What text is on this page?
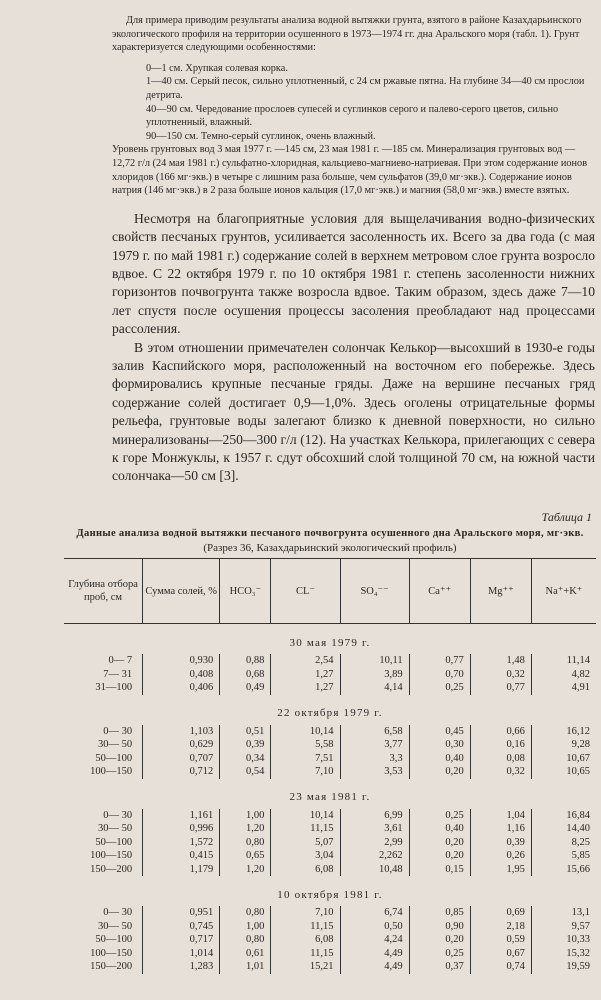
Для примера приводим результаты анализа водной вытяжки грунта, взятого в районе Казахдарьинского экологического профиля на территории осушенного в 1973—1974 гг. дна Аральского моря (табл. 1). Грунт характеризуется следующими особенностями:

0—1 см. Хрупкая солевая корка.

1—40 см. Серый песок, сильно уплотненный, с 24 см ржавые пятна. На глубине 34—40 см прослои детрита.

40—90 см. Чередование прослоев супесей и суглинков серого и палево-серого цветов, сильно уплотненный, влажный.

90—150 см. Темно-серый суглинок, очень влажный.

Уровень грунтовых вод 3 мая 1977 г. —145 см, 23 мая 1981 г. —185 см. Минерализация грунтовых вод — 12,72 г/л (24 мая 1981 г.) сульфатно-хлоридная, кальциево-магниево-натриевая. При этом содержание ионов хлоридов (166 мг·экв.) в четыре с лишним раза больше, чем сульфатов (39,0 мг·экв.). Содержание ионов натрия (146 мг·экв.) в 2 раза больше ионов кальция (17,0 мг·экв.) и магния (58,0 мг·экв.) вместе взятых.

Несмотря на благоприятные условия для выщелачивания водно-физических свойств песчаных грунтов, усиливается засоленность их. Всего за два года (с мая 1979 г. по май 1981 г.) содержание солей в верхнем метровом слое грунта возросло вдвое. С 22 октября 1979 г. по 10 октября 1981 г. степень засоленности нижних горизонтов почвогрунта также возросла вдвое. Таким образом, здесь даже 7—10 лет спустя после осушения процессы засоления преобладают над процессами рассоления.

В этом отношении примечателен солончак Келькор—высохший в 1930-е годы залив Каспийского моря, расположенный на восточном его побережье. Здесь формировались крупные песчаные гряды. Даже на вершине песчаных гряд содержание солей достигает 0,9—1,0%. Здесь оголены отрицательные формы рельефа, грунтовые воды залегают близко к дневной поверхности, но сильно минерализованы—250—300 г/л (12). На участках Келькора, прилегающих с севера к горе Монжуклы, к 1957 г. сдут обсохший слой толщиной 70 см, на южной части солончака—50 см [3].

Таблица 1
Данные анализа водной вытяжки песчаного почвогрунта осушенного дна Аральского моря, мг·экв.
(Разрез 36, Казахдарьинский экологический профиль)
Глубина отбора проб, см	Сумма солей, %	HCO₃⁻	CL⁻	SO₄⁻⁻	Ca⁺⁺	Mg⁺⁺	Na⁺+K⁺
30 мая 1979 г.							
0— 7	0,930	0,88	2,54	10,11	0,77	1,48	11,14
7— 31	0,408	0,68	1,27	3,89	0,70	0,32	4,82
31—100	0,406	0,49	1,27	4,14	0,25	0,77	4,91
22 октября 1979 г.							
0— 30	1,103	0,51	10,14	6,58	0,45	0,66	16,12
30— 50	0,629	0,39	5,58	3,77	0,30	0,16	9,28
50—100	0,707	0,34	7,51	3,3	0,40	0,08	10,67
100—150	0,712	0,54	7,10	3,53	0,20	0,32	10,65
23 мая 1981 г.							
0— 30	1,161	1,00	10,14	6,99	0,25	1,04	16,84
30— 50	0,996	1,20	11,15	3,61	0,40	1,16	14,40
50—100	1,572	0,80	5,07	2,99	0,20	0,39	8,25
100—150	0,415	0,65	3,04	2,262	0,20	0,26	5,85
150—200	1,179	1,20	6,08	10,48	0,15	1,95	15,66
10 октября 1981 г.							
0— 30	0,951	0,80	7,10	6,74	0,85	0,69	13,1
30— 50	0,745	1,00	11,15	0,50	0,90	2,18	9,57
50—100	0,717	0,80	6,08	4,24	0,20	0,59	10,33
100—150	1,014	0,61	11,15	4,49	0,25	0,67	15,32
150—200	1,283	1,01	15,21	4,49	0,37	0,74	19,59
